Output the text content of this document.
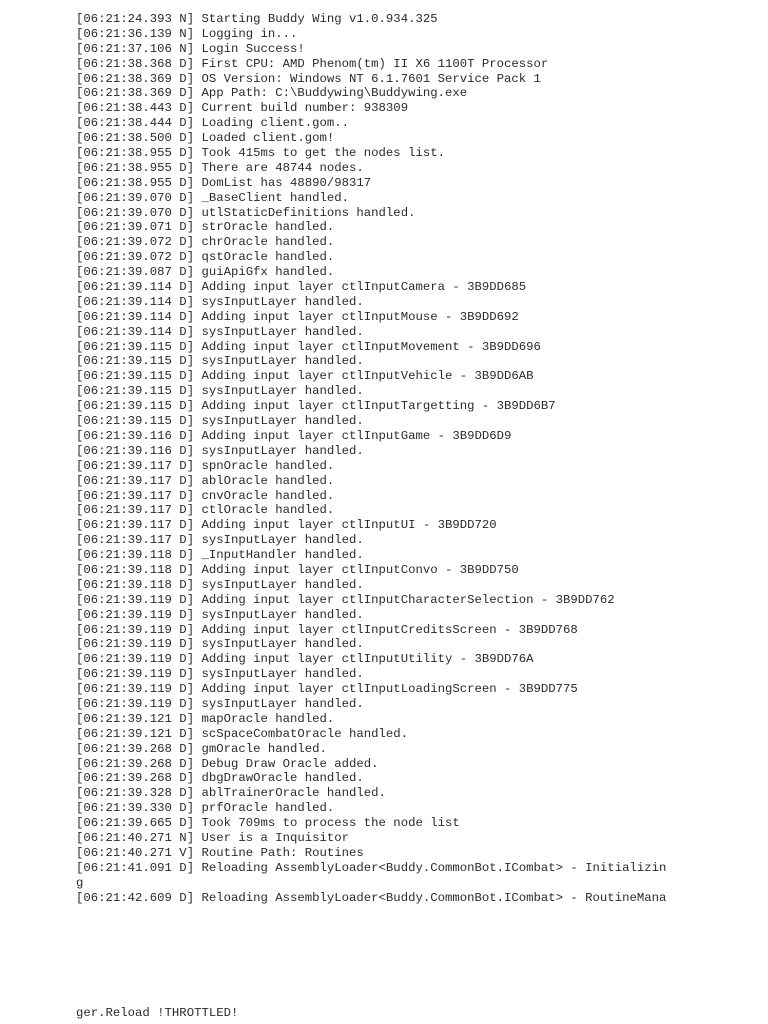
[06:21:24.393 N] Starting Buddy Wing v1.0.934.325
[06:21:36.139 N] Logging in...
[06:21:37.106 N] Login Success!
[06:21:38.368 D] First CPU: AMD Phenom(tm) II X6 1100T Processor
[06:21:38.369 D] OS Version: Windows NT 6.1.7601 Service Pack 1
[06:21:38.369 D] App Path: C:\Buddywing\Buddywing.exe
[06:21:38.443 D] Current build number: 938309
[06:21:38.444 D] Loading client.gom..
[06:21:38.500 D] Loaded client.gom!
[06:21:38.955 D] Took 415ms to get the nodes list.
[06:21:38.955 D] There are 48744 nodes.
[06:21:38.955 D] DomList has 48890/98317
[06:21:39.070 D] _BaseClient handled.
[06:21:39.070 D] utlStaticDefinitions handled.
[06:21:39.071 D] strOracle handled.
[06:21:39.072 D] chrOracle handled.
[06:21:39.072 D] qstOracle handled.
[06:21:39.087 D] guiApiGfx handled.
[06:21:39.114 D] Adding input layer ctlInputCamera - 3B9DD685
[06:21:39.114 D] sysInputLayer handled.
[06:21:39.114 D] Adding input layer ctlInputMouse - 3B9DD692
[06:21:39.114 D] sysInputLayer handled.
[06:21:39.115 D] Adding input layer ctlInputMovement - 3B9DD696
[06:21:39.115 D] sysInputLayer handled.
[06:21:39.115 D] Adding input layer ctlInputVehicle - 3B9DD6AB
[06:21:39.115 D] sysInputLayer handled.
[06:21:39.115 D] Adding input layer ctlInputTargetting - 3B9DD6B7
[06:21:39.115 D] sysInputLayer handled.
[06:21:39.116 D] Adding input layer ctlInputGame - 3B9DD6D9
[06:21:39.116 D] sysInputLayer handled.
[06:21:39.117 D] spnOracle handled.
[06:21:39.117 D] ablOracle handled.
[06:21:39.117 D] cnvOracle handled.
[06:21:39.117 D] ctlOracle handled.
[06:21:39.117 D] Adding input layer ctlInputUI - 3B9DD720
[06:21:39.117 D] sysInputLayer handled.
[06:21:39.118 D] _InputHandler handled.
[06:21:39.118 D] Adding input layer ctlInputConvo - 3B9DD750
[06:21:39.118 D] sysInputLayer handled.
[06:21:39.119 D] Adding input layer ctlInputCharacterSelection - 3B9DD762
[06:21:39.119 D] sysInputLayer handled.
[06:21:39.119 D] Adding input layer ctlInputCreditsScreen - 3B9DD768
[06:21:39.119 D] sysInputLayer handled.
[06:21:39.119 D] Adding input layer ctlInputUtility - 3B9DD76A
[06:21:39.119 D] sysInputLayer handled.
[06:21:39.119 D] Adding input layer ctlInputLoadingScreen - 3B9DD775
[06:21:39.119 D] sysInputLayer handled.
[06:21:39.121 D] mapOracle handled.
[06:21:39.121 D] scSpaceCombatOracle handled.
[06:21:39.268 D] gmOracle handled.
[06:21:39.268 D] Debug Draw Oracle added.
[06:21:39.268 D] dbgDrawOracle handled.
[06:21:39.328 D] ablTrainerOracle handled.
[06:21:39.330 D] prfOracle handled.
[06:21:39.665 D] Took 709ms to process the node list
[06:21:40.271 N] User is a Inquisitor
[06:21:40.271 V] Routine Path: Routines
[06:21:41.091 D] Reloading AssemblyLoader<Buddy.CommonBot.ICombat> - Initializin
g
[06:21:42.609 D] Reloading AssemblyLoader<Buddy.CommonBot.ICombat> - RoutineMana
ger.Reload !THROTTLED!
